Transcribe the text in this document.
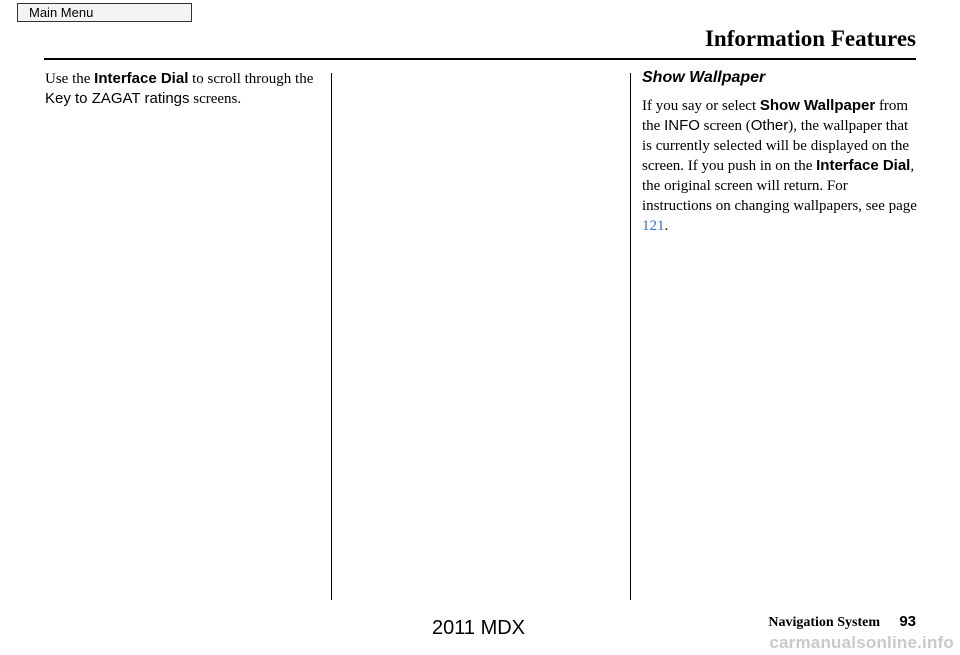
Main Menu
Information Features

Use the Interface Dial to scroll through the Key to ZAGAT ratings screens.

Show Wallpaper

If you say or select Show Wallpaper from the INFO screen (Other), the wallpaper that is currently selected will be displayed on the screen. If you push in on the Interface Dial, the original screen will return. For instructions on changing wallpapers, see page 121.

Navigation System 93
2011 MDX
carmanualsonline.info
